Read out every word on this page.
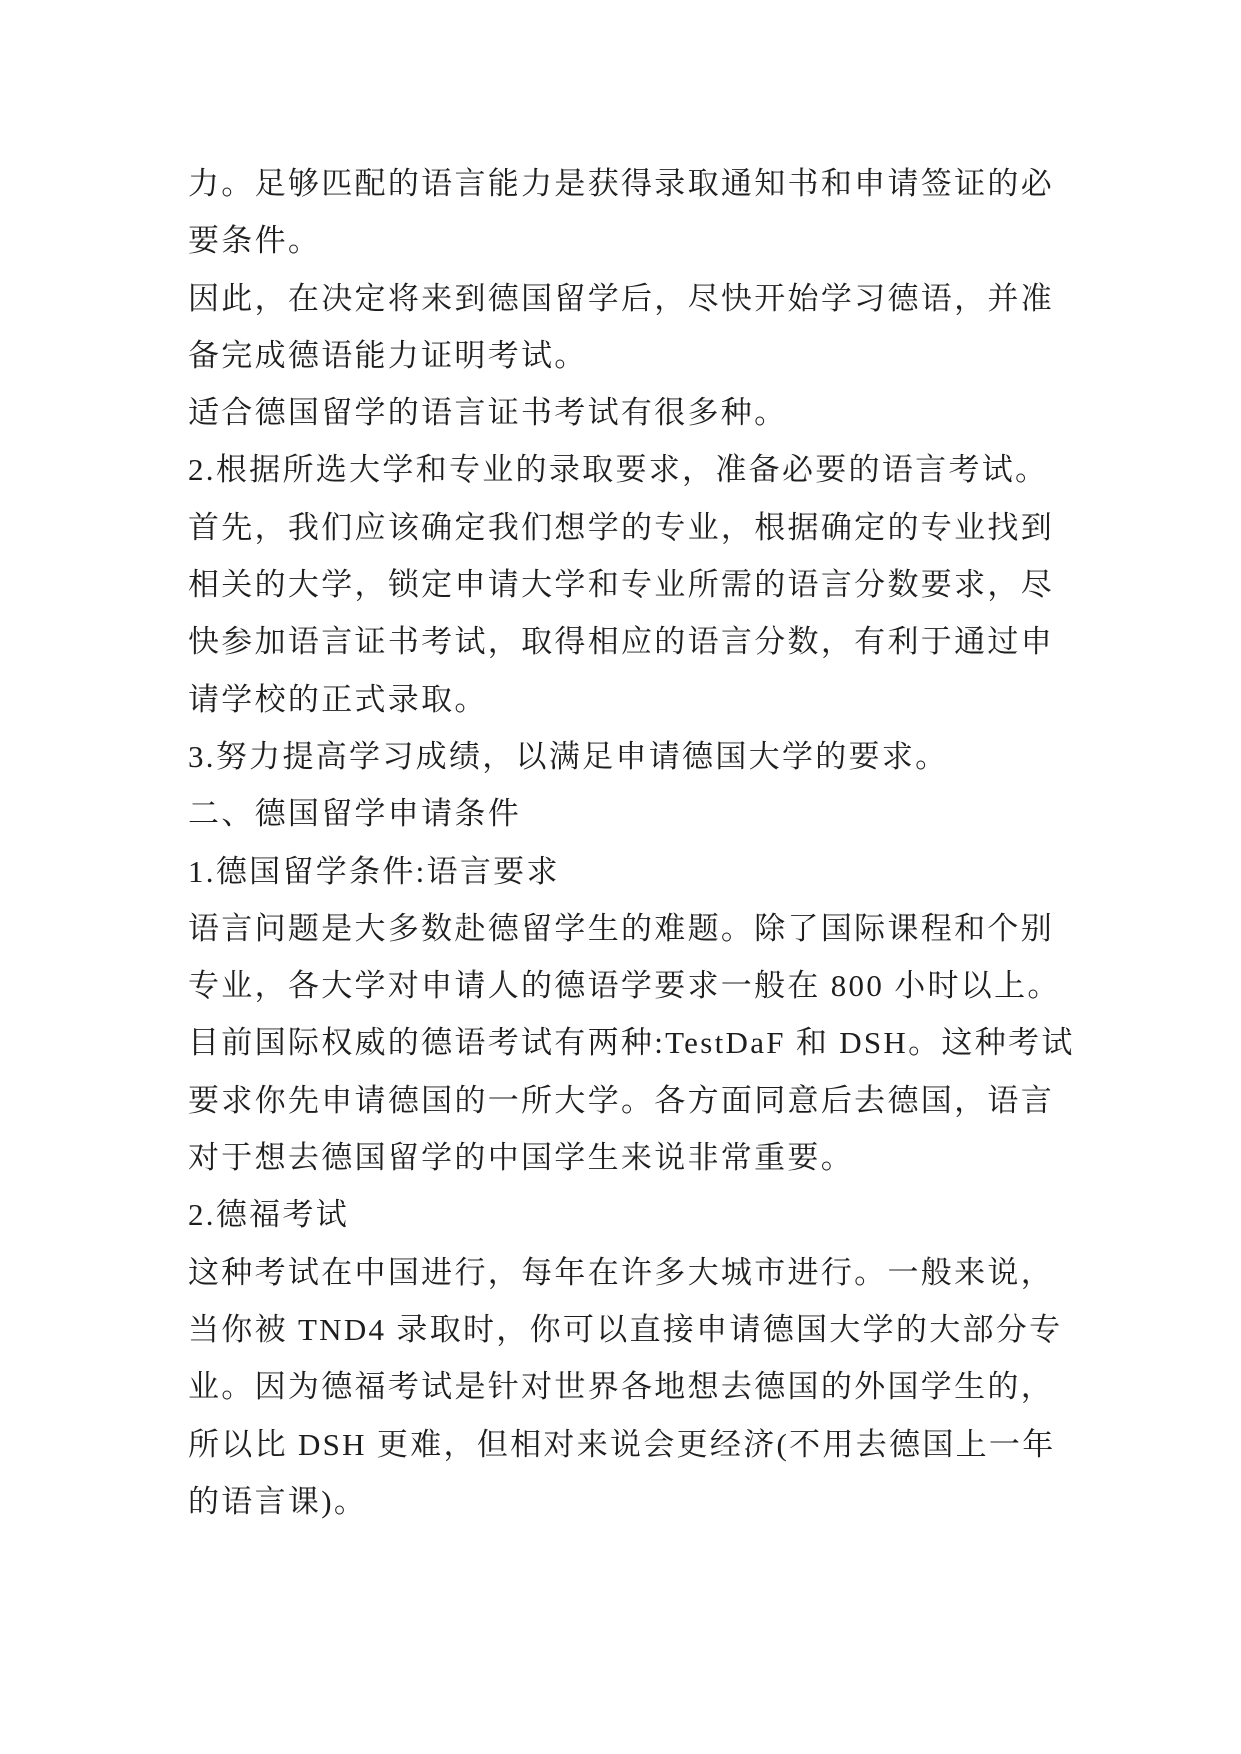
力。足够匹配的语言能力是获得录取通知书和申请签证的必
要条件。
因此，在决定将来到德国留学后，尽快开始学习德语，并准
备完成德语能力证明考试。
适合德国留学的语言证书考试有很多种。
2.根据所选大学和专业的录取要求，准备必要的语言考试。
首先，我们应该确定我们想学的专业，根据确定的专业找到
相关的大学，锁定申请大学和专业所需的语言分数要求，尽
快参加语言证书考试，取得相应的语言分数，有利于通过申
请学校的正式录取。
3.努力提高学习成绩，以满足申请德国大学的要求。
二、德国留学申请条件
1.德国留学条件:语言要求
语言问题是大多数赴德留学生的难题。除了国际课程和个别
专业，各大学对申请人的德语学要求一般在 800 小时以上。
目前国际权威的德语考试有两种:TestDaF 和 DSH。这种考试
要求你先申请德国的一所大学。各方面同意后去德国，语言
对于想去德国留学的中国学生来说非常重要。
2.德福考试
这种考试在中国进行，每年在许多大城市进行。一般来说，
当你被 TND4 录取时，你可以直接申请德国大学的大部分专
业。因为德福考试是针对世界各地想去德国的外国学生的，
所以比 DSH 更难，但相对来说会更经济(不用去德国上一年
的语言课)。
